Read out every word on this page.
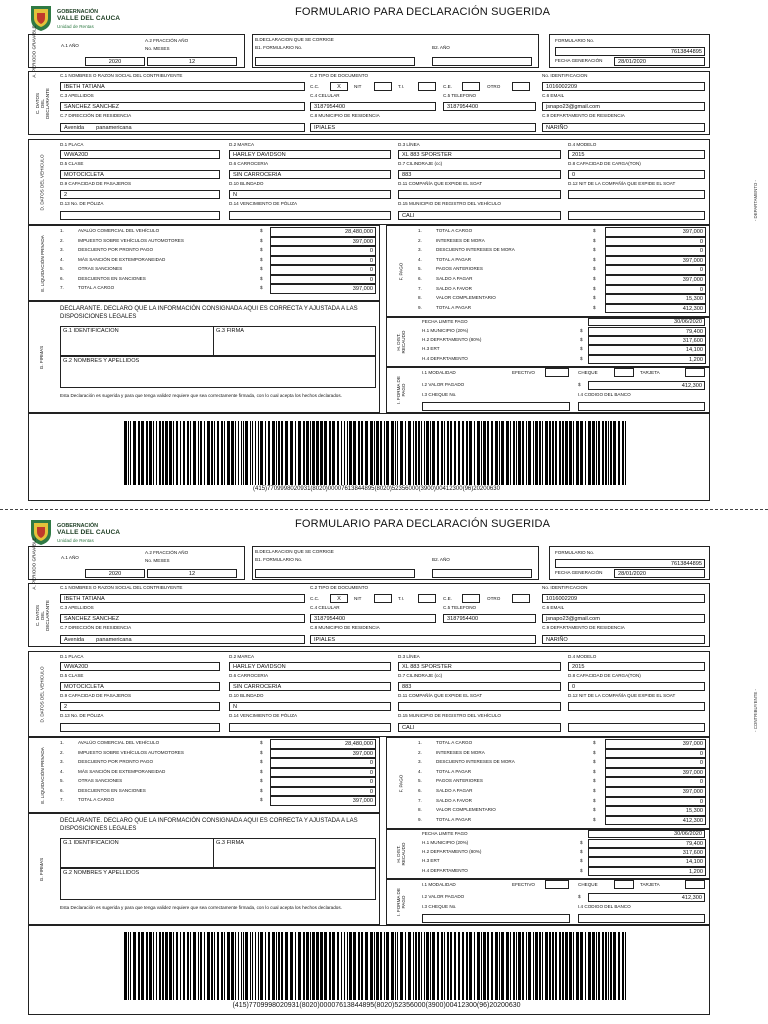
GOBERNACIÓN
VALLE DEL CAUCA
Unidad de Rentas
FORMULARIO PARA DECLARACIÓN SUGERIDA
- DEPARTAMENTO -
A. PERIODO GRAVABLE	A.1 AÑO
2020
A.2 FRACCIÓN AÑO
No. MESES
12
B.DECLARACION QUE SE CORRIGE
B1. FORMULARIO No.	B2. AÑO
FORMULARIO No.
7613844895
FECHA GENERACIÓN	28/01/2020
C. DATOS DEL DECLARANTE
C.1 NOMBRES O RAZON SOCIAL DEL CONTRIBUYENTE
IBETH TATIANA
C.3 APELLIDOS
SANCHEZ SANCHEZ
C.7 DIRECCIÓN DE RESIDENCIA
Avenida panamericana
C.2 TIPO DE DOCUMENTO
C.C.	X	NIT	T.I.	C.E.	OTRO
C.4 CELULAR
3187954400
C.5 TELEFONO
3187954400
C.8 MUNICIPIO DE RESIDENCIA
IPIALES
No. IDENTIFICACION
1016002209
C.6 EMAIL
jsnapo23@gmail.com
C.9 DEPARTAMENTO DE RESIDENCIA
NARIÑO
D. DATOS DEL VEHICULO
D.1 PLACA
WWA20D
D.2 MARCA
HARLEY DAVIDSON
D.3 LÍNEA
XL 883 SPORSTER
D.4 MODELO
2015
D.5 CLASE
MOTOCICLETA
D.6 CARROCERIA
SIN CARROCERIA
D.7 CILINDRAJE (cc)
883
D.8 CAPACIDAD DE CARGA(TON)
0
D.9 CAPACIDAD DE PASAJEROS
2
D.10 BLINDADO
N
D.11 COMPAÑÍA QUE EXPIDE EL SOAT	D.12 NIT DE LA COMPAÑÍA QUE EXPIDE EL SOAT
D.13 No. DE PÓLIZA	D.14 VENCIMIENTO DE PÓLIZA	D.15 MUNICIPIO DE REGISTRO DEL VEHÍCULO
CALI
E. LIQUIDACIÓN PRIVADA
1.	AVALÚO COMERCIAL DEL VEHÍCULO	$	28,480,000
2.	IMPUESTO SOBRE VEHÍCULOS AUTOMOTORES	$	397,000
3.	DESCUENTO POR PRONTO PAGO	$	0
4.	MÁS SANCIÓN DE EXTEMPORANEIDAD	$	0
5.	OTRAS SANCIONES	$	0
6.	DESCUENTOS EN SANCIONES	$	0
7.	TOTAL A CARGO	$	397,000
F. PAGO
1.	TOTAL A CARGO	$	397,000
2.	INTERESES DE MORA	$	0
3.	DESCUENTO INTERESES DE MORA	$	0
4.	TOTAL A PAGAR	$	397,000
5.	PAGOS ANTERIORES	$	0
6.	SALDO A PAGAR	$	397,000
7.	SALDO A FAVOR	$	0
8.	VALOR COMPLEMENTARIO	$	15,300
9.	TOTAL A PAGAR	$	412,300
G. FIRMAS
DECLARANTE. DECLARO QUE LA INFORMACIÓN CONSIGNADA AQUI ES CORRECTA Y AJUSTADA A LAS DISPOSICIONES LEGALES
G.1 IDENTIFICACION	G.3 FIRMA
G.2 NOMBRES Y APELLIDOS
Esta Declaración es sugerida y para que tenga validez requiere que sea correctamente firmada, con lo cual acepta los hechos declarados.
H. DIST. RECAUDO
FECHA LIMITE PAGO	30/06/2020
H.1 MUNICIPIO (20%)	$	79,400
H.2 DEPARTAMENTO (80%)	$	317,600
H.3 ERT	$	14,100
H.4 DEPARTAMENTO	$	1,200
I. FORMA DE PAGO
I.1 MODALIDAD	EFECTIVO	CHEQUE	TARJETA
I.2 VALOR PAGADO	$	412,300
I.3 CHEQUE No.	I.4 CODIGO DEL BANCO
(415)7709998020931(8020)00007613844895(8020)52356000(3900)00412300(96)20200630
GOBERNACIÓN
VALLE DEL CAUCA
Unidad de Rentas
FORMULARIO PARA DECLARACIÓN SUGERIDA
- CONTRIBUYENTE -
A. PERIODO GRAVABLE	A.1 AÑO
2020
A.2 FRACCIÓN AÑO
No. MESES
12
B.DECLARACION QUE SE CORRIGE
B1. FORMULARIO No.	B2. AÑO
FORMULARIO No.
7613844895
FECHA GENERACIÓN	28/01/2020
C. DATOS DEL DECLARANTE
C.1 NOMBRES O RAZON SOCIAL DEL CONTRIBUYENTE
IBETH TATIANA
C.3 APELLIDOS
SANCHEZ SANCHEZ
C.7 DIRECCIÓN DE RESIDENCIA
Avenida panamericana
C.2 TIPO DE DOCUMENTO
C.C.	X	NIT	T.I.	C.E.	OTRO
C.4 CELULAR
3187954400
C.5 TELEFONO
3187954400
C.8 MUNICIPIO DE RESIDENCIA
IPIALES
No. IDENTIFICACION
1016002209
C.6 EMAIL
jsnapo23@gmail.com
C.9 DEPARTAMENTO DE RESIDENCIA
NARIÑO
D. DATOS DEL VEHICULO
D.1 PLACA
WWA20D
D.2 MARCA
HARLEY DAVIDSON
D.3 LÍNEA
XL 883 SPORSTER
D.4 MODELO
2015
D.5 CLASE
MOTOCICLETA
D.6 CARROCERIA
SIN CARROCERIA
D.7 CILINDRAJE (cc)
883
D.8 CAPACIDAD DE CARGA(TON)
0
D.9 CAPACIDAD DE PASAJEROS
2
D.10 BLINDADO
N
D.11 COMPAÑÍA QUE EXPIDE EL SOAT	D.12 NIT DE LA COMPAÑÍA QUE EXPIDE EL SOAT
D.13 No. DE PÓLIZA	D.14 VENCIMIENTO DE PÓLIZA	D.15 MUNICIPIO DE REGISTRO DEL VEHÍCULO
CALI
E. LIQUIDACIÓN PRIVADA
1.	AVALÚO COMERCIAL DEL VEHÍCULO	$	28,480,000
2.	IMPUESTO SOBRE VEHÍCULOS AUTOMOTORES	$	397,000
3.	DESCUENTO POR PRONTO PAGO	$	0
4.	MÁS SANCIÓN DE EXTEMPORANEIDAD	$	0
5.	OTRAS SANCIONES	$	0
6.	DESCUENTOS EN SANCIONES	$	0
7.	TOTAL A CARGO	$	397,000
F. PAGO
1.	TOTAL A CARGO	$	397,000
2.	INTERESES DE MORA	$	0
3.	DESCUENTO INTERESES DE MORA	$	0
4.	TOTAL A PAGAR	$	397,000
5.	PAGOS ANTERIORES	$	0
6.	SALDO A PAGAR	$	397,000
7.	SALDO A FAVOR	$	0
8.	VALOR COMPLEMENTARIO	$	15,300
9.	TOTAL A PAGAR	$	412,300
G. FIRMAS
DECLARANTE. DECLARO QUE LA INFORMACIÓN CONSIGNADA AQUI ES CORRECTA Y AJUSTADA A LAS DISPOSICIONES LEGALES
G.1 IDENTIFICACION	G.3 FIRMA
G.2 NOMBRES Y APELLIDOS
Esta Declaración es sugerida y para que tenga validez requiere que sea correctamente firmada, con lo cual acepta los hechos declarados.
H. DIST. RECAUDO
FECHA LIMITE PAGO	30/06/2020
H.1 MUNICIPIO (20%)	$	79,400
H.2 DEPARTAMENTO (80%)	$	317,600
H.3 ERT	$	14,100
H.4 DEPARTAMENTO	$	1,200
I. FORMA DE PAGO
I.1 MODALIDAD	EFECTIVO	CHEQUE	TARJETA
I.2 VALOR PAGADO	$	412,300
I.3 CHEQUE No.	I.4 CODIGO DEL BANCO
(415)7709998020931(8020)00007613844895(8020)52356000(3900)00412300(96)20200630
